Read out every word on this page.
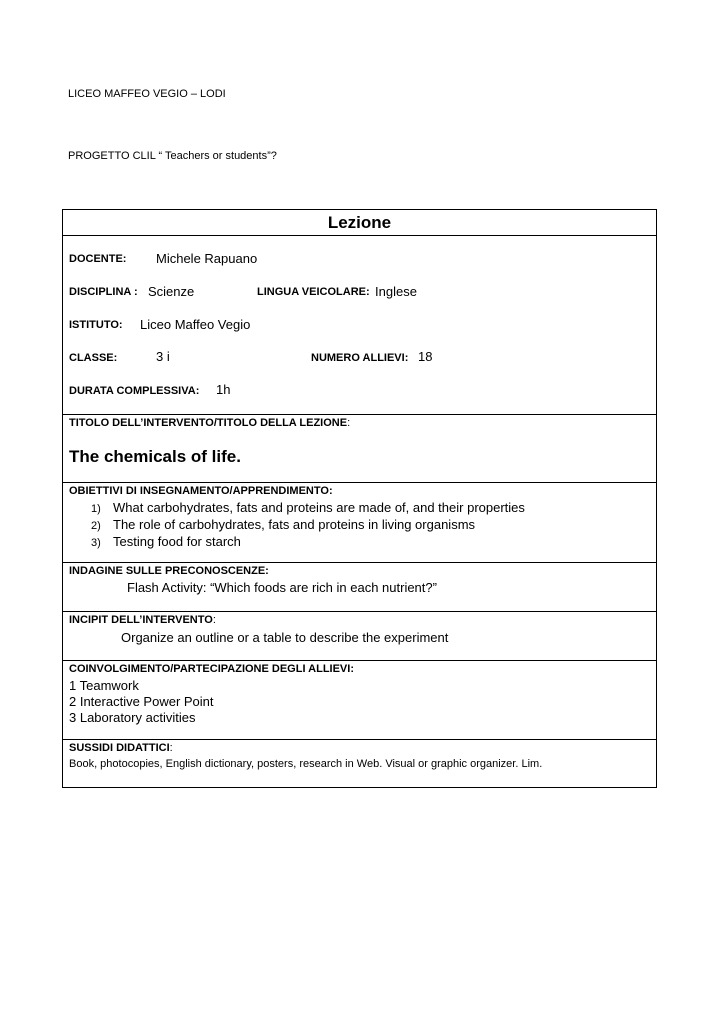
LICEO MAFFEO VEGIO – LODI
PROGETTO CLIL “ Teachers or students”?
Lezione
DOCENTE: Michele Rapuano
DISCIPLINA : Scienze	LINGUA VEICOLARE: Inglese
ISTITUTO: Liceo Maffeo Vegio
CLASSE:	3 i	NUMERO ALLIEVI: 18
DURATA COMPLESSIVA: 1h
TITOLO DELL’INTERVENTO/TITOLO DELLA LEZIONE:
The chemicals of life.
OBIETTIVI DI INSEGNAMENTO/APPRENDIMENTO:
1) What carbohydrates, fats and proteins are made of, and their properties
2) The role of carbohydrates, fats and proteins in living organisms
3) Testing food for starch
INDAGINE SULLE PRECONOSCENZE:
Flash Activity: “Which foods are rich in each nutrient?”
INCIPIT DELL’INTERVENTO:
Organize an outline or a table to describe the experiment
COINVOLGIMENTO/PARTECIPAZIONE DEGLI ALLIEVI:
1 Teamwork
2 Interactive Power Point
3 Laboratory activities
SUSSIDI DIDATTICI:
Book, photocopies, English dictionary, posters, research in Web. Visual or graphic organizer. Lim.
